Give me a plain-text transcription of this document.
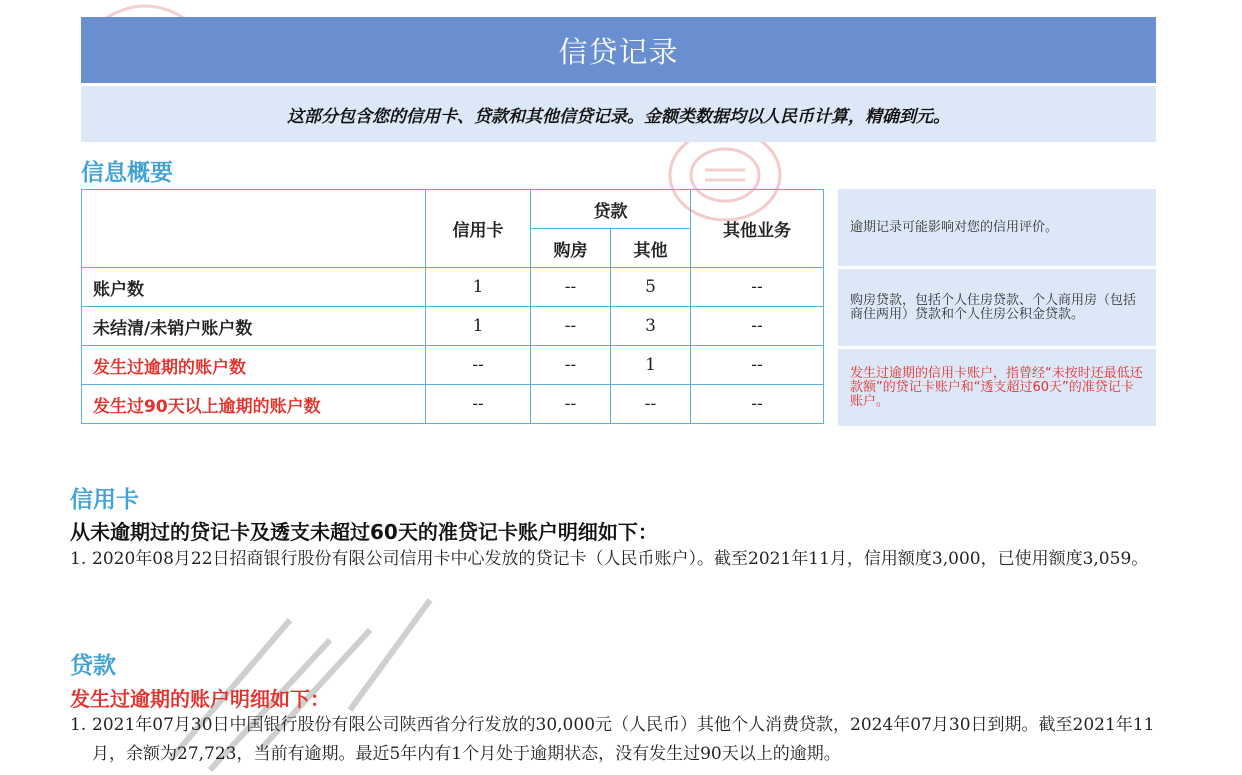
信贷记录
这部分包含您的信用卡、贷款和其他信贷记录。金额类数据均以人民币计算，精确到元。
信息概要
	信用卡	贷款		其他业务
		购房	其他	
账户数	1	--	5	--
未结清/未销户账户数	1	--	3	--
发生过逾期的账户数	--	--	1	--
发生过90天以上逾期的账户数	--	--	--	--
逾期记录可能影响对您的信用评价。
购房贷款，包括个人住房贷款、个人商用房（包括商住两用）贷款和个人住房公积金贷款。
发生过逾期的信用卡账户，指曾经“未按时还最低还款额”的贷记卡账户和“透支超过60天”的准贷记卡账户。
信用卡
从未逾期过的贷记卡及透支未超过60天的准贷记卡账户明细如下：
1. 2020年08月22日招商银行股份有限公司信用卡中心发放的贷记卡（人民币账户）。截至2021年11月，信用额度3,000，已使用额度3,059。
贷款
发生过逾期的账户明细如下：
1. 2021年07月30日中国银行股份有限公司陕西省分行发放的30,000元（人民币）其他个人消费贷款，2024年07月30日到期。截至2021年11月，余额为27,723，当前有逾期。最近5年内有1个月处于逾期状态，没有发生过90天以上的逾期。
